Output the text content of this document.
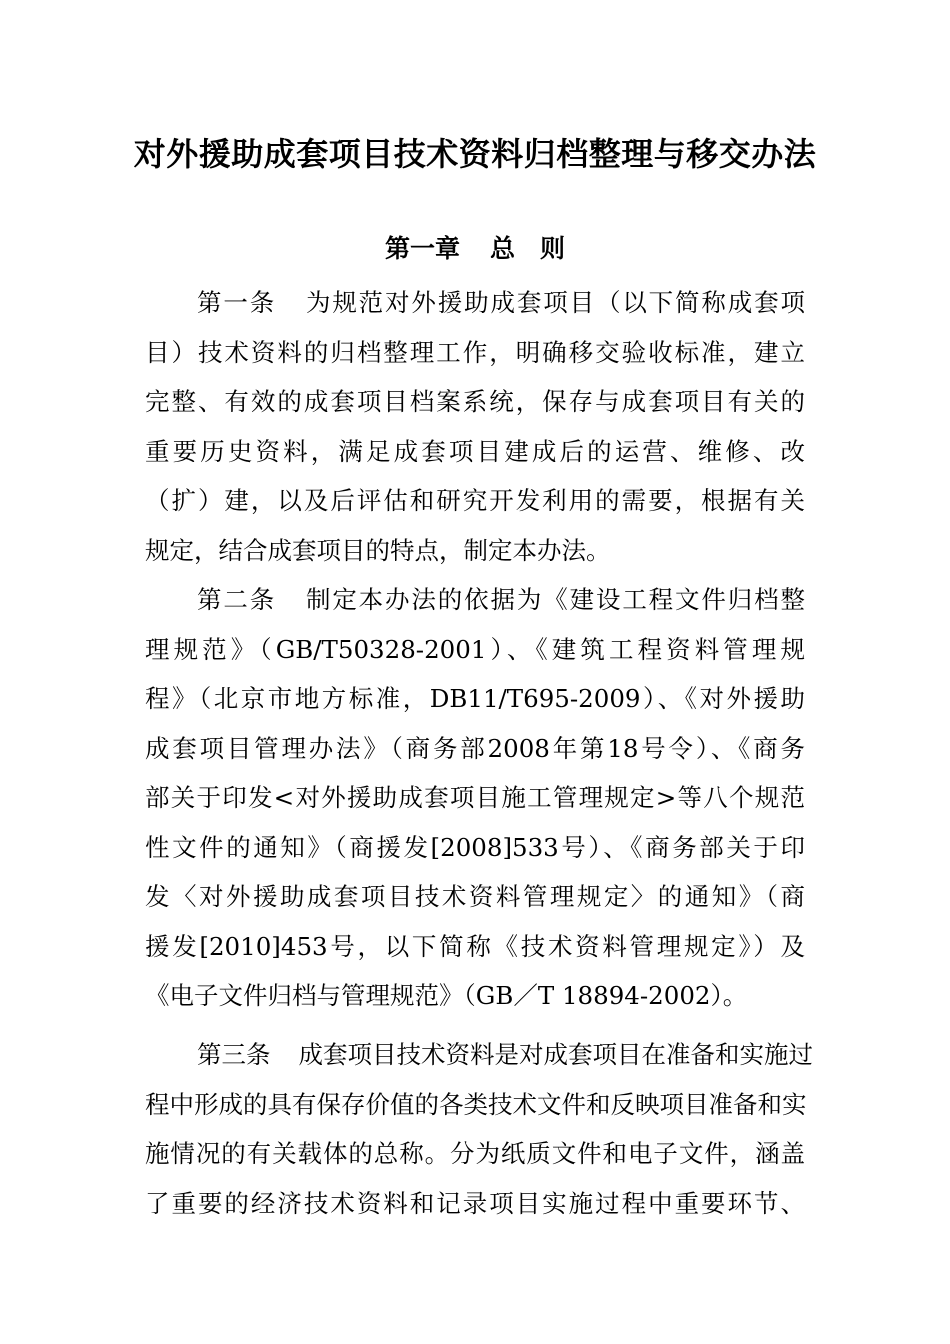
对外援助成套项目技术资料归档整理与移交办法
第一章 总　则
第一条 为规范对外援助成套项目（以下简称成套项
目）技术资料的归档整理工作，明确移交验收标准，建立
完整、有效的成套项目档案系统，保存与成套项目有关的
重要历史资料，满足成套项目建成后的运营、维修、改
（扩）建，以及后评估和研究开发利用的需要，根据有关
规定，结合成套项目的特点，制定本办法。
第二条 制定本办法的依据为《建设工程文件归档整
理规范》（GB/T50328-2001）、《建筑工程资料管理规
程》（北京市地方标准，DB11/T695-2009）、《对外援助
成套项目管理办法》（商务部2008年第18号令）、《商务
部关于印发<对外援助成套项目施工管理规定>等八个规范
性文件的通知》（商援发[2008]533号）、《商务部关于印
发〈对外援助成套项目技术资料管理规定〉的通知》（商
援发[2010]453号，以下简称《技术资料管理规定》）及
《电子文件归档与管理规范》（GB／T 18894-2002）。
第三条 成套项目技术资料是对成套项目在准备和实施过
程中形成的具有保存价值的各类技术文件和反映项目准备和实
施情况的有关载体的总称。分为纸质文件和电子文件，涵盖
了重要的经济技术资料和记录项目实施过程中重要环节、
